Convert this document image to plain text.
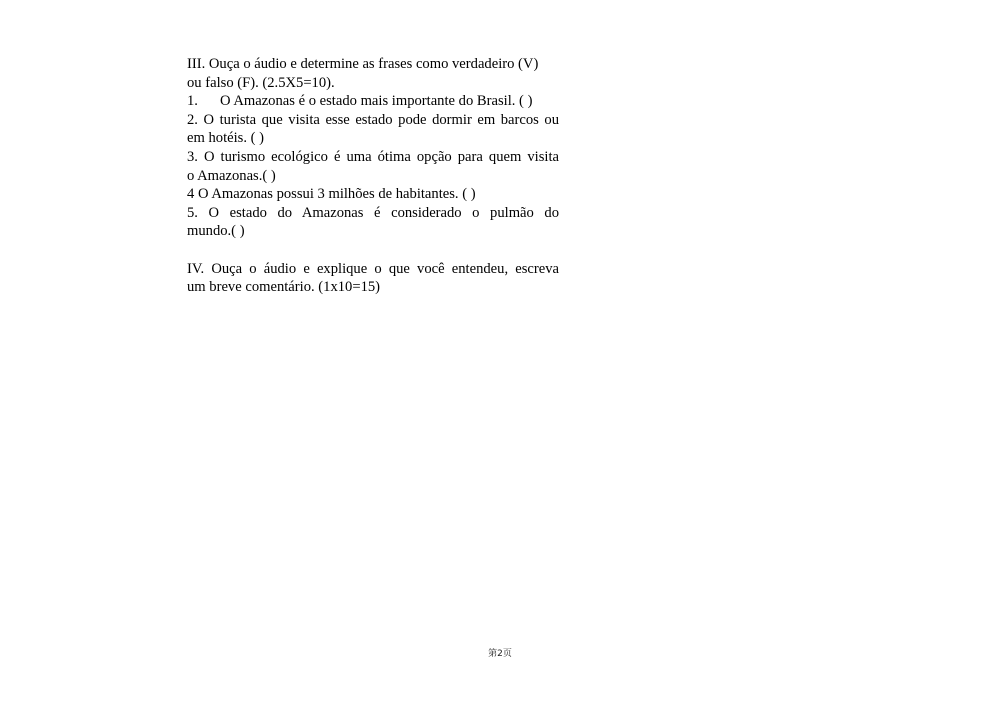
III. Ouça o áudio e determine as frases como verdadeiro (V)
ou falso (F). (2.5X5=10).
1. O Amazonas é o estado mais importante do Brasil. ( )
2. O turista que visita esse estado pode dormir em barcos ou
em hotéis. ( )
3. O turismo ecológico é uma ótima opção para quem visita
o Amazonas.( )
4 O Amazonas possui 3 milhões de habitantes. ( )
5. O estado do Amazonas é considerado o pulmão do
mundo.( )
IV. Ouça o áudio e explique o que você entendeu, escreva
um breve comentário. (1x10=15)
第2页
